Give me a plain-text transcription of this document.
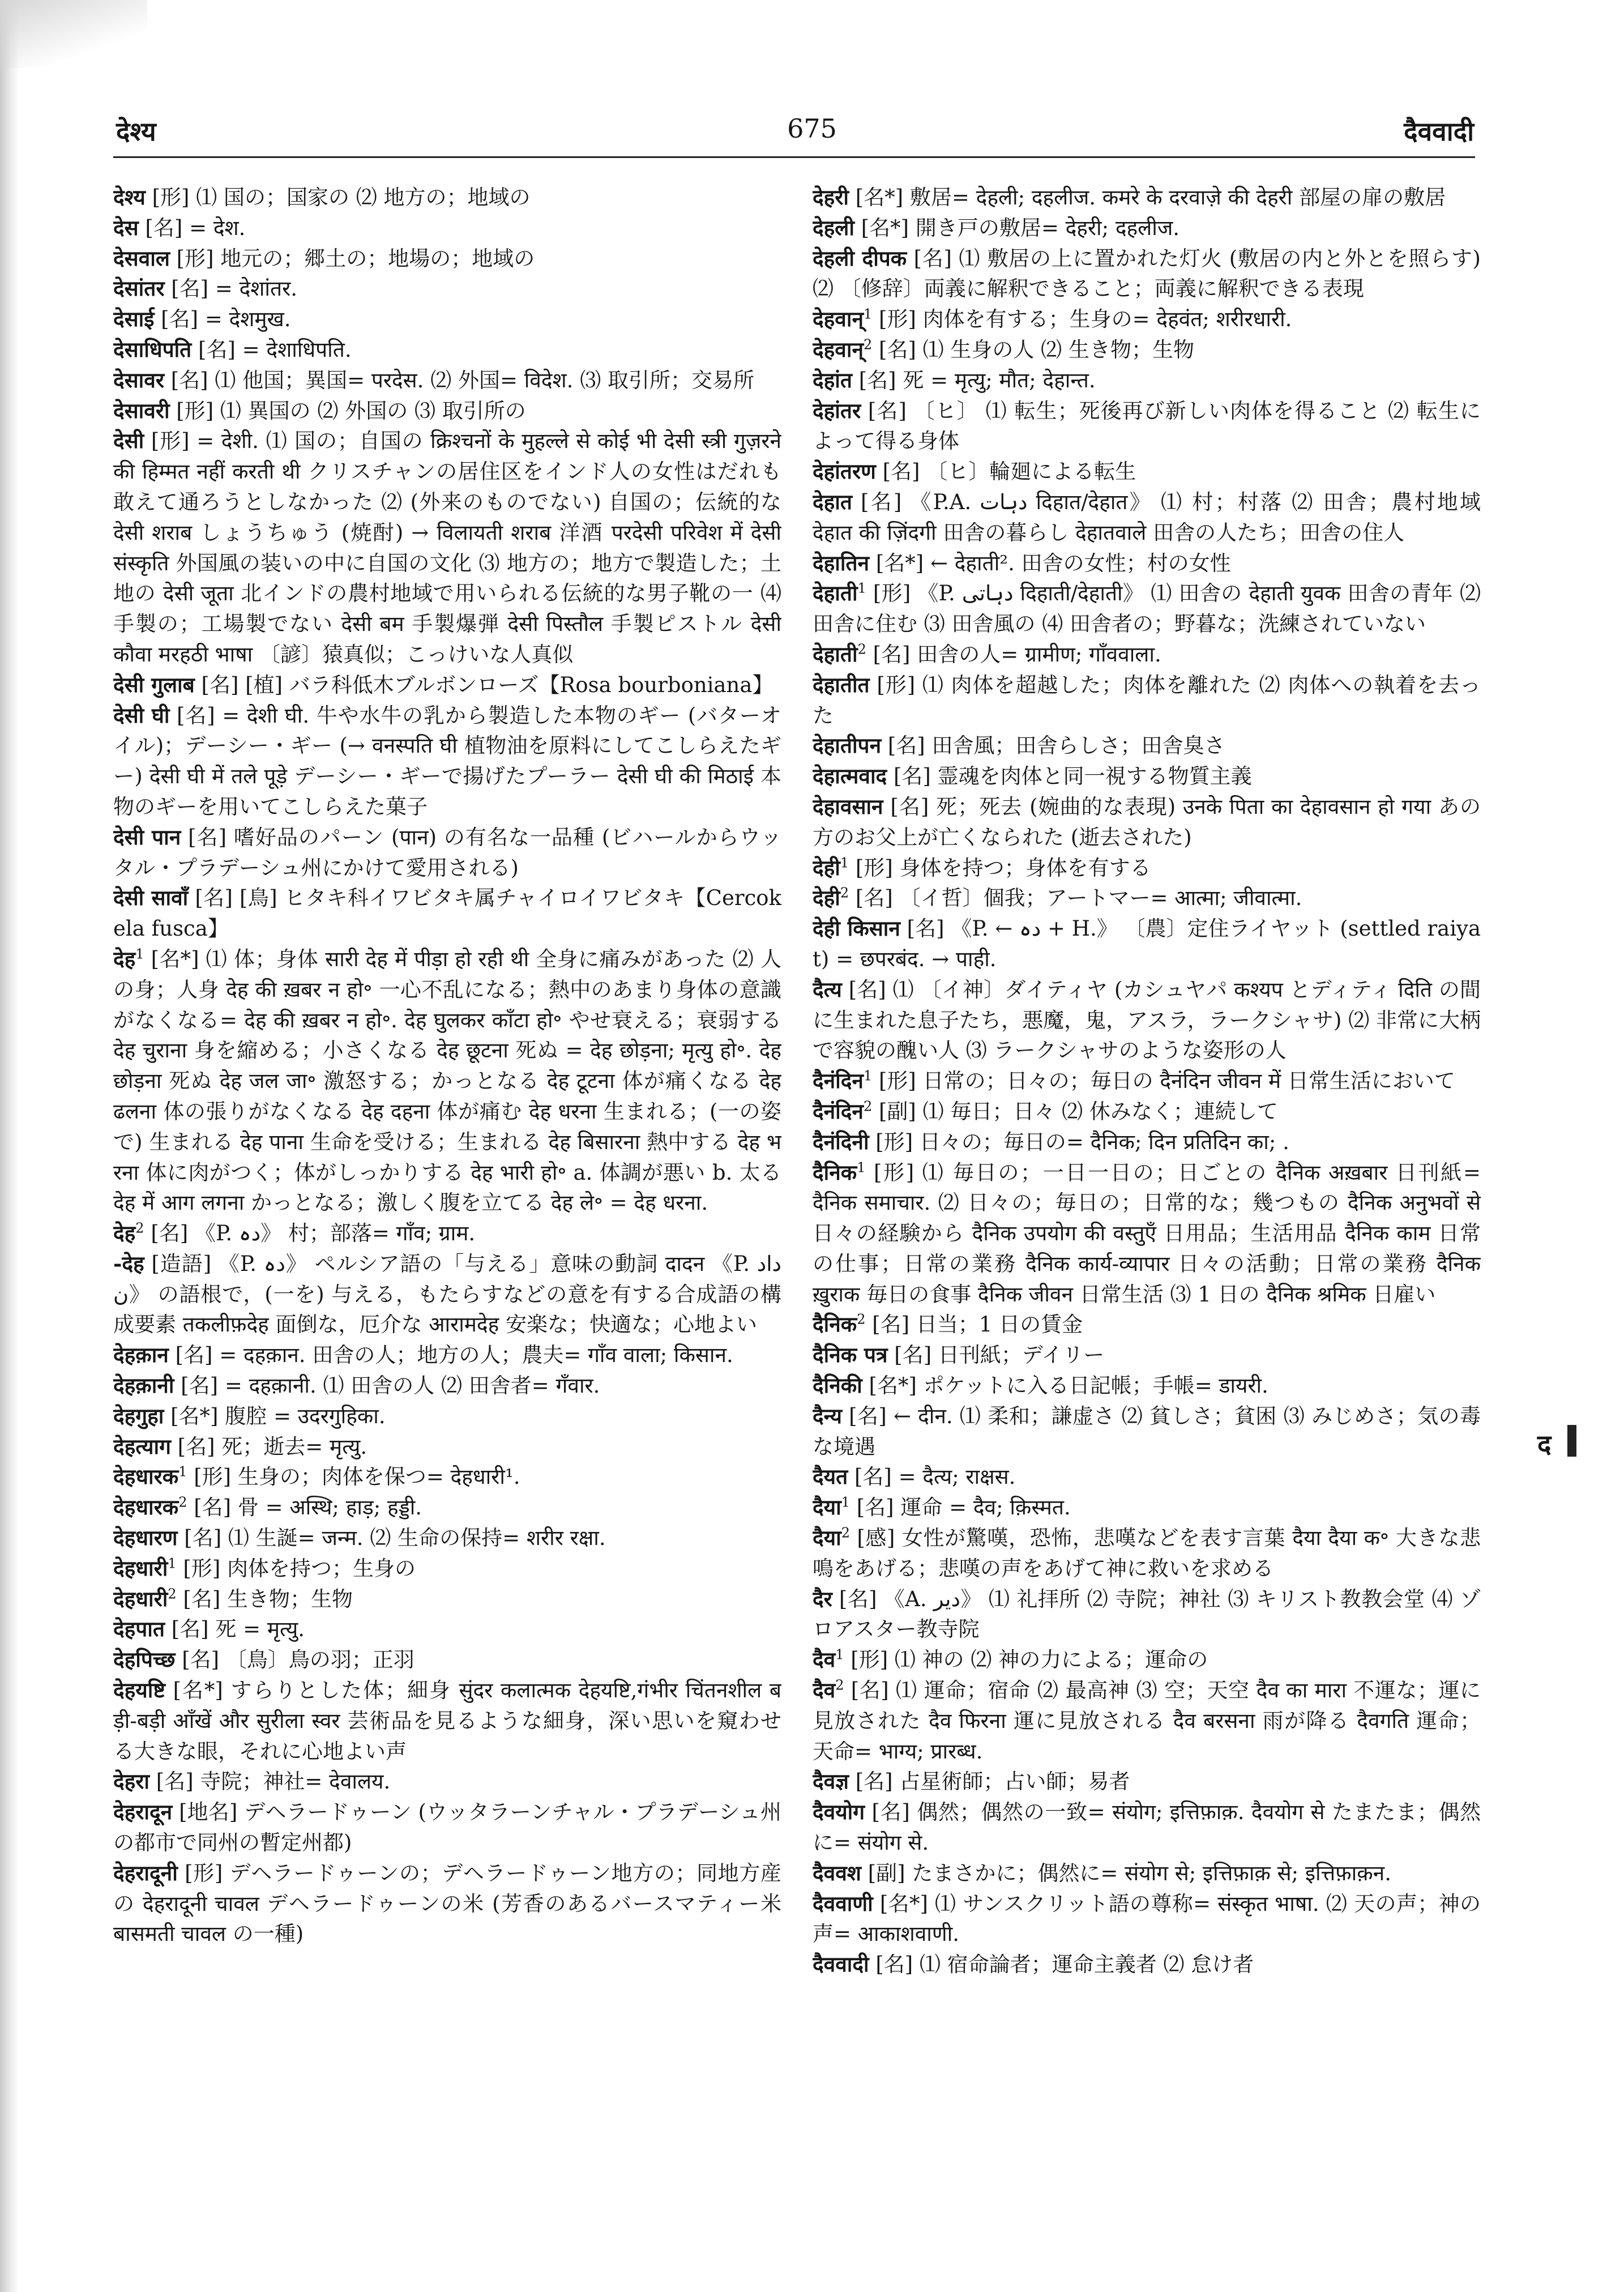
देश्य	675	दैववादी

देश्य [形] ⑴ 国の；国家の ⑵ 地方の；地域の

देस [名] = देश.

देसवाल [形] 地元の；郷土の；地場の；地域の

देसांतर [名] = देशांतर.

देसाई [名] = देशमुख.

देसाधिपति [名] = देशाधिपति.

देसावर [名] ⑴ 他国；異国= परदेस. ⑵ 外国= विदेश. ⑶ 取引所；交易所

देसावरी [形] ⑴ 異国の ⑵ 外国の ⑶ 取引所の

देसी [形] = देशी. ⑴ 国の；自国の क्रिश्चनों के मुहल्ले से कोई भी देसी स्त्री गुज़रने की हिम्मत नहीं करती थी クリスチャンの居住区をインド人の女性はだれも敢えて通ろうとしなかった ⑵ (外来のものでない) 自国の；伝統的な देसी शराब しょうちゅう (焼酎) → विलायती शराब 洋酒 परदेसी परिवेश में देसी संस्कृति 外国風の装いの中に自国の文化 ⑶ 地方の；地方で製造した；土地の देसी जूता 北インドの農村地域で用いられる伝統的な男子靴の一 ⑷ 手製の；工場製でない देसी बम 手製爆弾 देसी पिस्तौल 手製ピストル देसी कौवा मरहठी भाषा 〔諺〕猿真似；こっけいな人真似

देसी गुलाब [名] [植] バラ科低木ブルボンローズ【Rosa bourboniana】

देसी घी [名] = देशी घी. 牛や水牛の乳から製造した本物のギー (バターオイル)；デーシー・ギー (→ वनस्पति घी 植物油を原料にしてこしらえたギー) देसी घी में तले पूड़े デーシー・ギーで揚げたプーラー देसी घी की मिठाई 本物のギーを用いてこしらえた菓子

देसी पान [名] 嗜好品のパーン (पान) の有名な一品種 (ビハールからウッタル・プラデーシュ州にかけて愛用される)

देसी सावाँ [名] [鳥] ヒタキ科イワビタキ属チャイロイワビタキ【Cercokela fusca】

देह$^1$ [名*] ⑴ 体；身体 सारी देह में पीड़ा हो रही थी 全身に痛みがあった ⑵ 人の身；人身 देह की ख़बर न हो॰ 一心不乱になる；熱中のあまり身体の意識がなくなる= देह की ख़बर न हो॰. देह घुलकर काँटा हो॰ やせ衰える；衰弱する देह चुराना 身を縮める；小さくなる देह छूटना 死ぬ = देह छोड़ना; मृत्यु हो॰. देह छोड़ना 死ぬ देह जल जा॰ 激怒する；かっとなる देह टूटना 体が痛くなる देह ढलना 体の張りがなくなる देह दहना 体が痛む देह धरना 生まれる；(一の姿で) 生まれる देह पाना 生命を受ける；生まれる देह बिसारना 熱中する देह भरना 体に肉がつく；体がしっかりする देह भारी हो॰ a. 体調が悪い b. 太る देह में आग लगना かっとなる；激しく腹を立てる देह ले॰ = देह धरना.

देह$^2$ [名] 《P. دہ》 村；部落= गाँव; ग्राम.

-देह [造語] 《P. دہ》 ペルシア語の「与える」意味の動詞 दादन 《P. دادن》 の語根で，(一を) 与える，もたらすなどの意を有する合成語の構成要素 तकलीफ़देह 面倒な，厄介な आरामदेह 安楽な；快適な；心地よい

देहक़ान [名] = दहक़ान. 田舎の人；地方の人；農夫= गाँव वाला; किसान.

देहक़ानी [名] = दहक़ानी. ⑴ 田舎の人 ⑵ 田舎者= गँवार.

देहगुहा [名*] 腹腔 = उदरगुहिका.

देहत्याग [名] 死；逝去= मृत्यु.

देहधारक$^1$ [形] 生身の；肉体を保つ= देहधारी¹.

देहधारक$^2$ [名] 骨 = अस्थि; हाड़; हड्डी.

देहधारण [名] ⑴ 生誕= जन्म. ⑵ 生命の保持= शरीर रक्षा.

देहधारी$^1$ [形] 肉体を持つ；生身の

देहधारी$^2$ [名] 生き物；生物

देहपात [名] 死 = मृत्यु.

देहपिच्छ [名] 〔鳥〕鳥の羽；正羽

देहयष्टि [名*] すらりとした体；細身 सुंदर कलात्मक देहयष्टि,गंभीर चिंतनशील बड़ी-बड़ी आँखें और सुरीला स्वर 芸術品を見るような細身，深い思いを窺わせる大きな眼，それに心地よい声

देहरा [名] 寺院；神社= देवालय.

देहरादून [地名] デヘラードゥーン (ウッタラーンチャル・プラデーシュ州の都市で同州の暫定州都)

देहरादूनी [形] デヘラードゥーンの；デヘラードゥーン地方の；同地方産の देहरादूनी चावल デヘラードゥーンの米 (芳香のあるバースマティー米 बासमती चावल の一種)

देहरी [名*] 敷居= देहली; दहलीज. कमरे के दरवाज़े की देहरी 部屋の扉の敷居

देहली [名*] 開き戸の敷居= देहरी; दहलीज.

देहली दीपक [名] ⑴ 敷居の上に置かれた灯火 (敷居の内と外とを照らす) ⑵ 〔修辞〕両義に解釈できること；両義に解釈できる表現

देहवान्$^1$ [形] 肉体を有する；生身の= देहवंत; शरीरधारी.

देहवान्$^2$ [名] ⑴ 生身の人 ⑵ 生き物；生物

देहांत [名] 死 = मृत्यु; मौत; देहान्त.

देहांतर [名] 〔ヒ〕 ⑴ 転生；死後再び新しい肉体を得ること ⑵ 転生によって得る身体

देहांतरण [名] 〔ヒ〕輪廻による転生

देहात [名] 《P.A. دہات दिहात/देहात》 ⑴ 村；村落 ⑵ 田舎；農村地域 देहात की ज़िंदगी 田舎の暮らし देहातवाले 田舎の人たち；田舎の住人

देहातिन [名*] ← देहाती². 田舎の女性；村の女性

देहाती$^1$ [形] 《P. دہاتی दिहाती/देहाती》 ⑴ 田舎の देहाती युवक 田舎の青年 ⑵ 田舎に住む ⑶ 田舎風の ⑷ 田舎者の；野暮な；洗練されていない

देहाती$^2$ [名] 田舎の人= ग्रामीण; गाँववाला.

देहातीत [形] ⑴ 肉体を超越した；肉体を離れた ⑵ 肉体への執着を去った

देहातीपन [名] 田舎風；田舎らしさ；田舎臭さ

देहात्मवाद [名] 霊魂を肉体と同一視する物質主義

देहावसान [名] 死；死去 (婉曲的な表現) उनके पिता का देहावसान हो गया あの方のお父上が亡くなられた (逝去された)

देही$^1$ [形] 身体を持つ；身体を有する

देही$^2$ [名] 〔イ哲〕個我；アートマー= आत्मा; जीवात्मा.

देही किसान [名] 《P. ← دہ + H.》 〔農〕定住ライヤット (settled raiyat) = छपरबंद. → पाही.

दैत्य [名] ⑴ 〔イ神〕ダイティヤ (カシュヤパ कश्यप とディティ दिति の間に生まれた息子たち，悪魔，鬼，アスラ，ラークシャサ) ⑵ 非常に大柄で容貌の醜い人 ⑶ ラークシャサのような姿形の人

दैनंदिन$^1$ [形] 日常の；日々の；毎日の दैनंदिन जीवन में 日常生活において

दैनंदिन$^2$ [副] ⑴ 毎日；日々 ⑵ 休みなく；連続して

दैनंदिनी [形] 日々の；毎日の= दैनिक; दिन प्रतिदिन का; .

दैनिक$^1$ [形] ⑴ 毎日の；一日一日の；日ごとの दैनिक अख़बार 日刊紙= दैनिक समाचार. ⑵ 日々の；毎日の；日常的な；幾つもの दैनिक अनुभवों से 日々の経験から दैनिक उपयोग की वस्तुएँ 日用品；生活用品 दैनिक काम 日常の仕事；日常の業務 दैनिक कार्य-व्यापार 日々の活動；日常の業務 दैनिक ख़ुराक 毎日の食事 दैनिक जीवन 日常生活 ⑶ 1 日の दैनिक श्रमिक 日雇い

दैनिक$^2$ [名] 日当；1 日の賃金

दैनिक पत्र [名] 日刊紙；デイリー

दैनिकी [名*] ポケットに入る日記帳；手帳= डायरी.

दैन्य [名] ← दीन. ⑴ 柔和；謙虚さ ⑵ 貧しさ；貧困 ⑶ みじめさ；気の毒な境遇

दैयत [名] = दैत्य; राक्षस.

दैया$^1$ [名] 運命 = दैव; क़िस्मत.

दैया$^2$ [感] 女性が驚嘆，恐怖，悲嘆などを表す言葉 दैया दैया क॰ 大きな悲鳴をあげる；悲嘆の声をあげて神に救いを求める

दैर [名] 《A. دیر》 ⑴ 礼拝所 ⑵ 寺院；神社 ⑶ キリスト教教会堂 ⑷ ゾロアスター教寺院

दैव$^1$ [形] ⑴ 神の ⑵ 神の力による；運命の

दैव$^2$ [名] ⑴ 運命；宿命 ⑵ 最高神 ⑶ 空；天空 दैव का मारा 不運な；運に見放された दैव फिरना 運に見放される दैव बरसना 雨が降る दैवगति 運命；天命= भाग्य; प्रारब्ध.

दैवज्ञ [名] 占星術師；占い師；易者

दैवयोग [名] 偶然；偶然の一致= संयोग; इत्तिफ़ाक़. दैवयोग से たまたま；偶然に= संयोग से.

दैववश [副] たまさかに；偶然に= संयोग से; इत्तिफ़ाक़ से; इत्तिफ़ाक़न.

दैववाणी [名*] ⑴ サンスクリット語の尊称= संस्कृत भाषा. ⑵ 天の声；神の声= आकाशवाणी.

दैववादी [名] ⑴ 宿命論者；運命主義者 ⑵ 怠け者

द
